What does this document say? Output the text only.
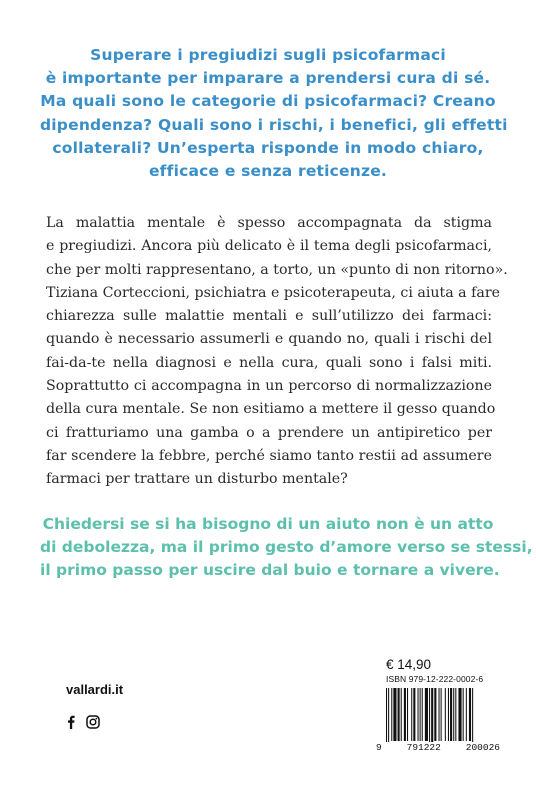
Superare i pregiudizi sugli psicofarmaci
è importante per imparare a prendersi cura di sé.
Ma quali sono le categorie di psicofarmaci? Creano
dipendenza? Quali sono i rischi, i benefici, gli effetti
collaterali? Un’esperta risponde in modo chiaro,
efficace e senza reticenze.
La malattia mentale è spesso accompagnata da stigma
e pregiudizi. Ancora più delicato è il tema degli psicofarmaci,
che per molti rappresentano, a torto, un «punto di non ritorno».
Tiziana Corteccioni, psichiatra e psicoterapeuta, ci aiuta a fare
chiarezza sulle malattie mentali e sull’utilizzo dei farmaci:
quando è necessario assumerli e quando no, quali i rischi del
fai-da-te nella diagnosi e nella cura, quali sono i falsi miti.
Soprattutto ci accompagna in un percorso di normalizzazione
della cura mentale. Se non esitiamo a mettere il gesso quando
ci fratturiamo una gamba o a prendere un antipiretico per
far scendere la febbre, perché siamo tanto restii ad assumere
farmaci per trattare un disturbo mentale?
Chiedersi se si ha bisogno di un aiuto non è un atto
di debolezza, ma il primo gesto d’amore verso se stessi,
il primo passo per uscire dal buio e tornare a vivere.
vallardi.it
€ 14,90
ISBN 979-12-222-0002-6
9	791222	200026
